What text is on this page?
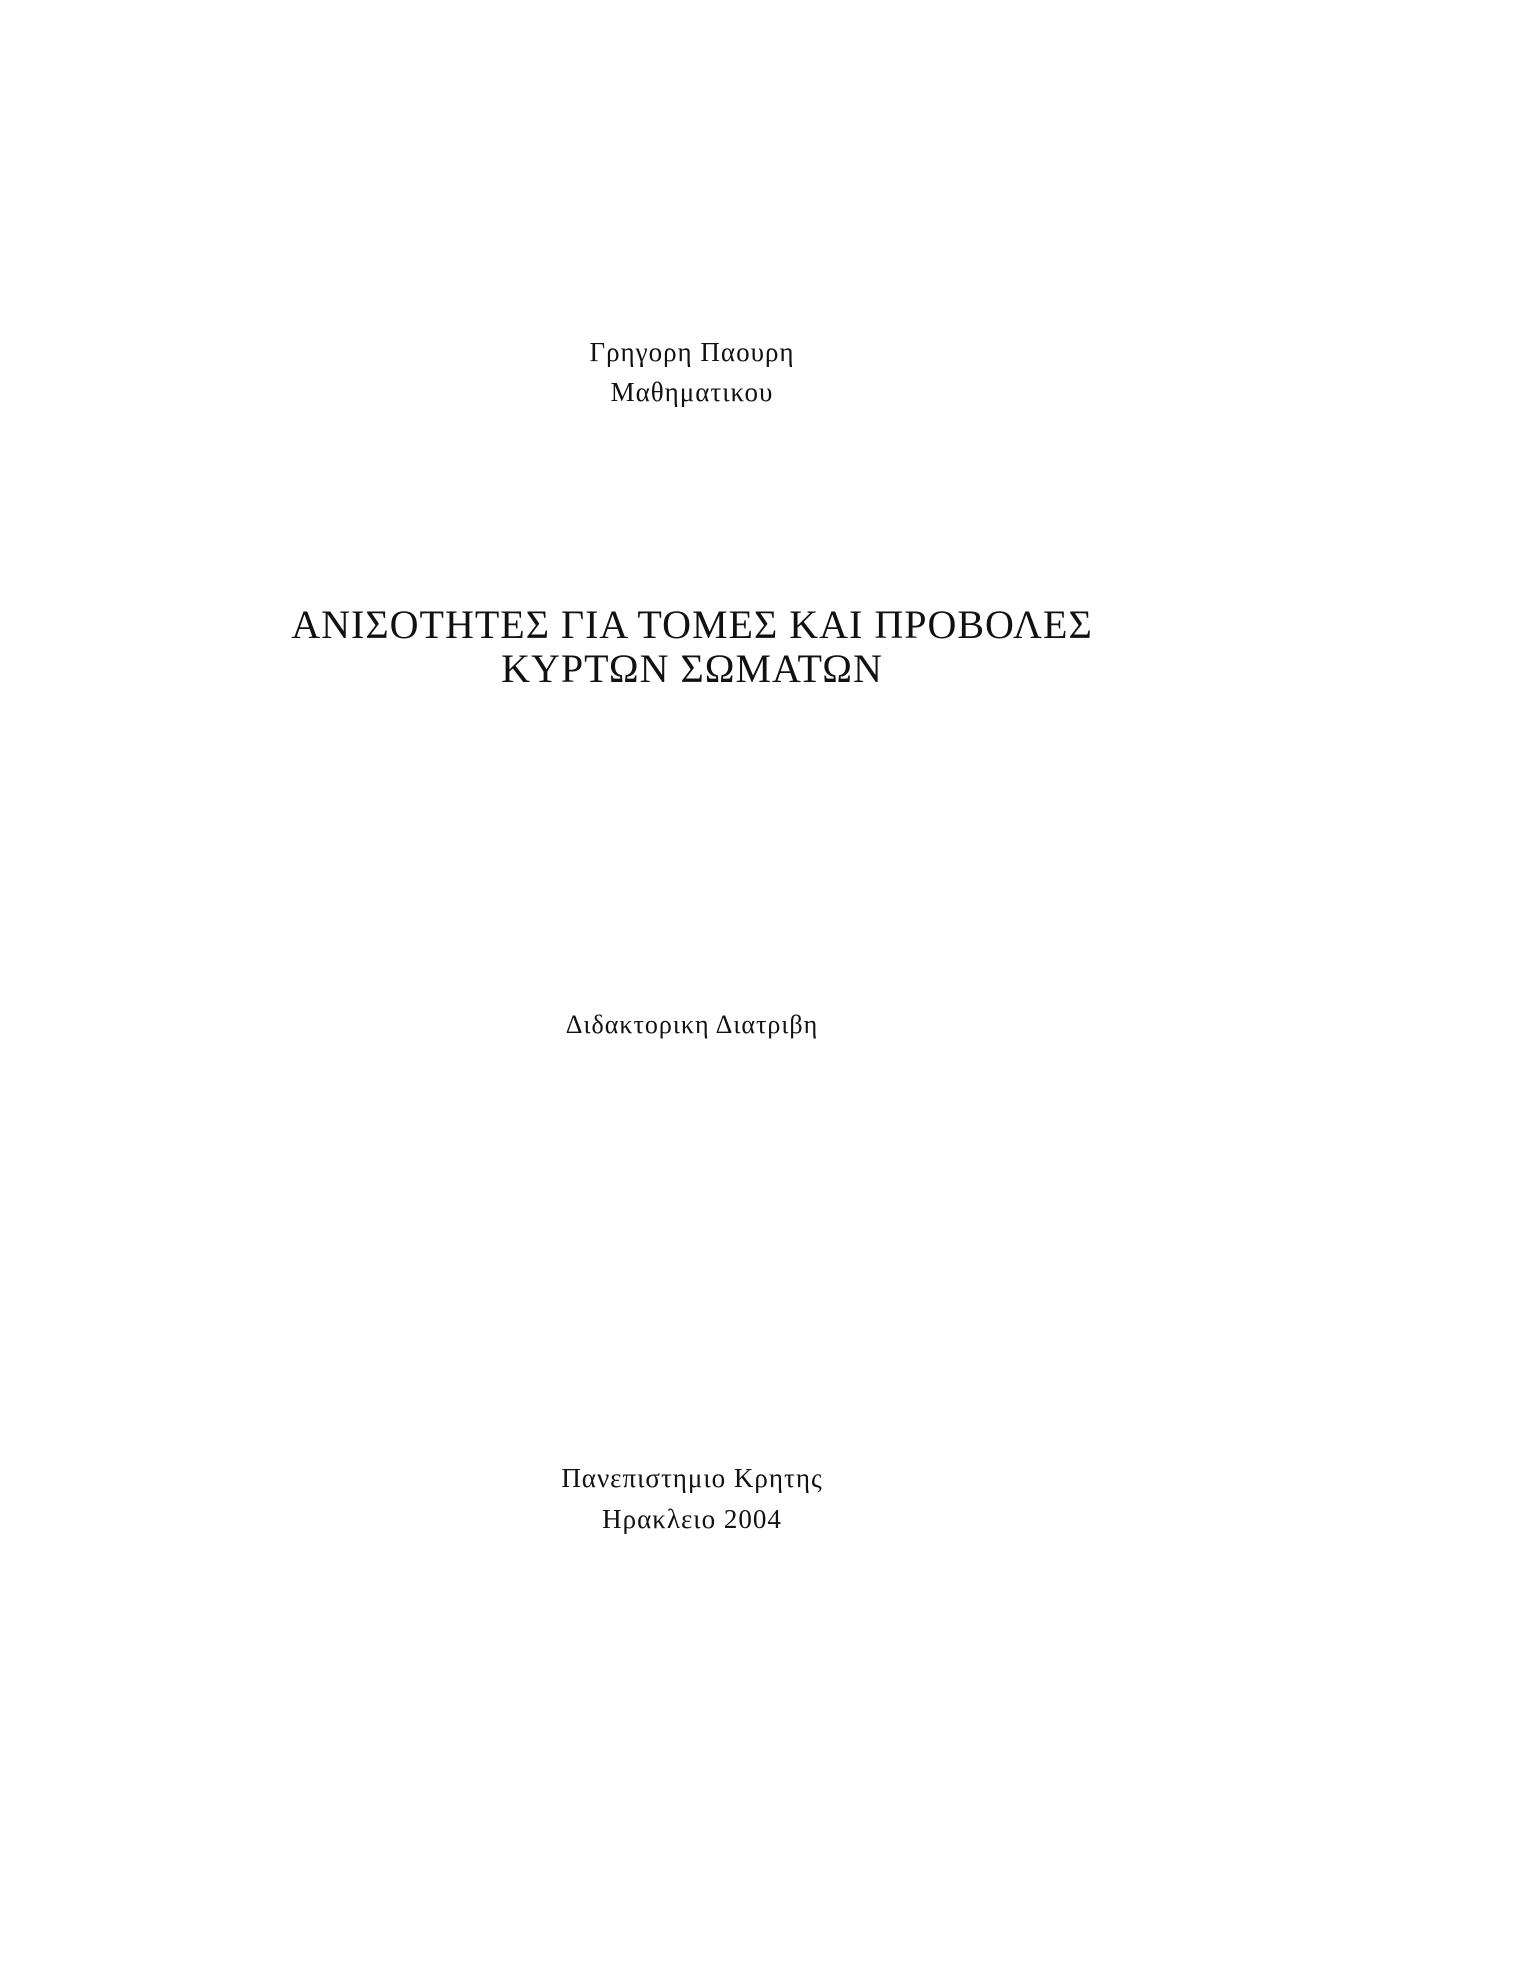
Γρηγορη Παουρη
Μαθηματικου
ΑΝΙΣΟΤΗΤΕΣ ΓΙΑ ΤΟΜΕΣ ΚΑΙ ΠΡΟΒΟΛΕΣ
ΚΥΡΤΩΝ ΣΩΜΑΤΩΝ
Διδακτορικη Διατριβη
Πανεπιστημιο Κρητης
Ηρακλειο 2004
